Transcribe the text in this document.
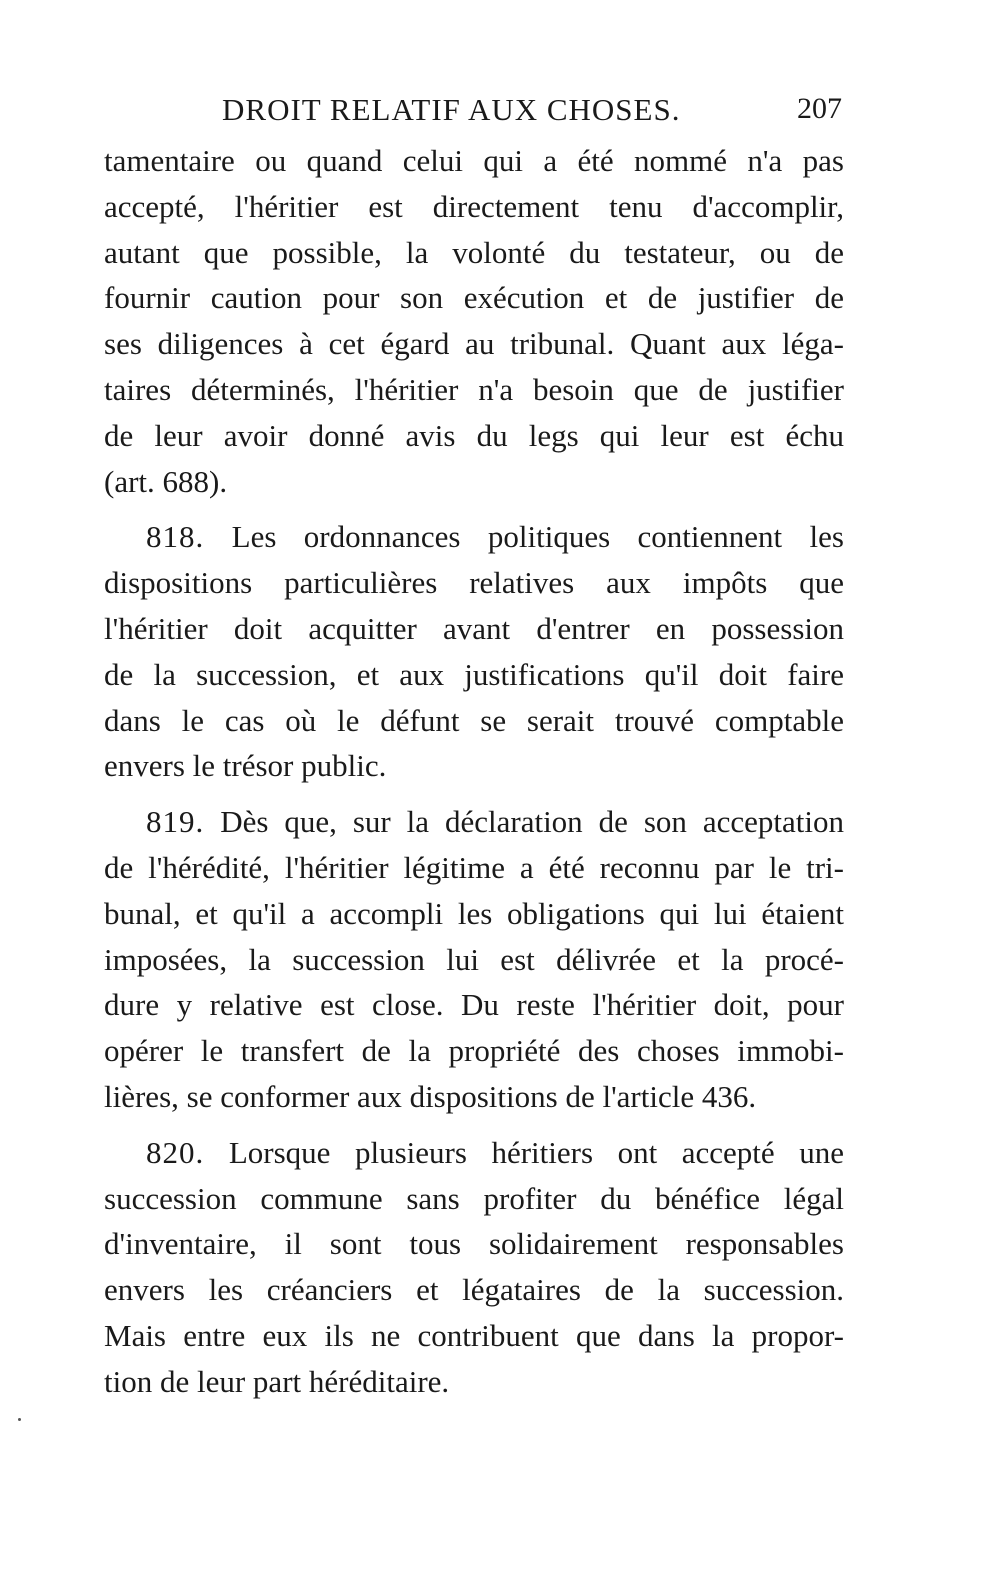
DROIT RELATIF AUX CHOSES.	207
tamentaire ou quand celui qui a été nommé n'a pas
accepté, l'héritier est directement tenu d'accomplir,
autant que possible, la volonté du testateur, ou de
fournir caution pour son exécution et de justifier de
ses diligences à cet égard au tribunal. Quant aux léga-
taires déterminés, l'héritier n'a besoin que de justifier
de leur avoir donné avis du legs qui leur est échu
(art. 688).
818. Les ordonnances politiques contiennent les
dispositions particulières relatives aux impôts que
l'héritier doit acquitter avant d'entrer en possession
de la succession, et aux justifications qu'il doit faire
dans le cas où le défunt se serait trouvé comptable
envers le trésor public.
819. Dès que, sur la déclaration de son acceptation
de l'hérédité, l'héritier légitime a été reconnu par le tri-
bunal, et qu'il a accompli les obligations qui lui étaient
imposées, la succession lui est délivrée et la procé-
dure y relative est close. Du reste l'héritier doit, pour
opérer le transfert de la propriété des choses immobi-
lières, se conformer aux dispositions de l'article 436.
820. Lorsque plusieurs héritiers ont accepté une
succession commune sans profiter du bénéfice légal
d'inventaire, il sont tous solidairement responsables
envers les créanciers et légataires de la succession.
Mais entre eux ils ne contribuent que dans la propor-
tion de leur part héréditaire.
